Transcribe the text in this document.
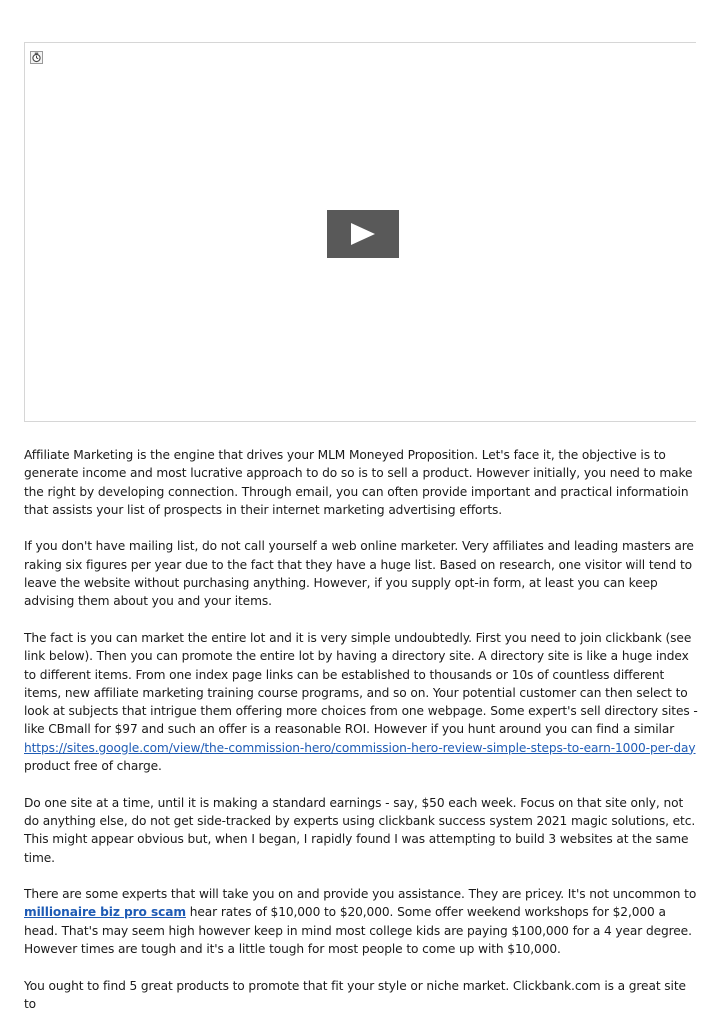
Affiliate Marketing is the engine that drives your MLM Moneyed Proposition. Let's face it, the objective is to generate income and most lucrative approach to do so is to sell a product. However initially, you need to make the right by developing connection. Through email, you can often provide important and practical informatioin that assists your list of prospects in their internet marketing advertising efforts.

If you don't have mailing list, do not call yourself a web online marketer. Very affiliates and leading masters are raking six figures per year due to the fact that they have a huge list. Based on research, one visitor will tend to leave the website without purchasing anything. However, if you supply opt-in form, at least you can keep advising them about you and your items.

The fact is you can market the entire lot and it is very simple undoubtedly. First you need to join clickbank (see link below). Then you can promote the entire lot by having a directory site. A directory site is like a huge index to different items. From one index page links can be established to thousands or 10s of countless different items, new affiliate marketing training course programs, and so on. Your potential customer can then select to look at subjects that intrigue them offering more choices from one webpage. Some expert's sell directory sites - like CBmall for $97 and such an offer is a reasonable ROI. However if you hunt around you can find a similar https://sites.google.com/view/the-commission-hero/commission-hero-review-simple-steps-to-earn-1000-per-day product free of charge.

Do one site at a time, until it is making a standard earnings - say, $50 each week. Focus on that site only, not do anything else, do not get side-tracked by experts using clickbank success system 2021 magic solutions, etc. This might appear obvious but, when I began, I rapidly found I was attempting to build 3 websites at the same time.

There are some experts that will take you on and provide you assistance. They are pricey. It's not uncommon to millionaire biz pro scam hear rates of $10,000 to $20,000. Some offer weekend workshops for $2,000 a head. That's may seem high however keep in mind most college kids are paying $100,000 for a 4 year degree. However times are tough and it's a little tough for most people to come up with $10,000.

You ought to find 5 great products to promote that fit your style or niche market. Clickbank.com is a great site to
